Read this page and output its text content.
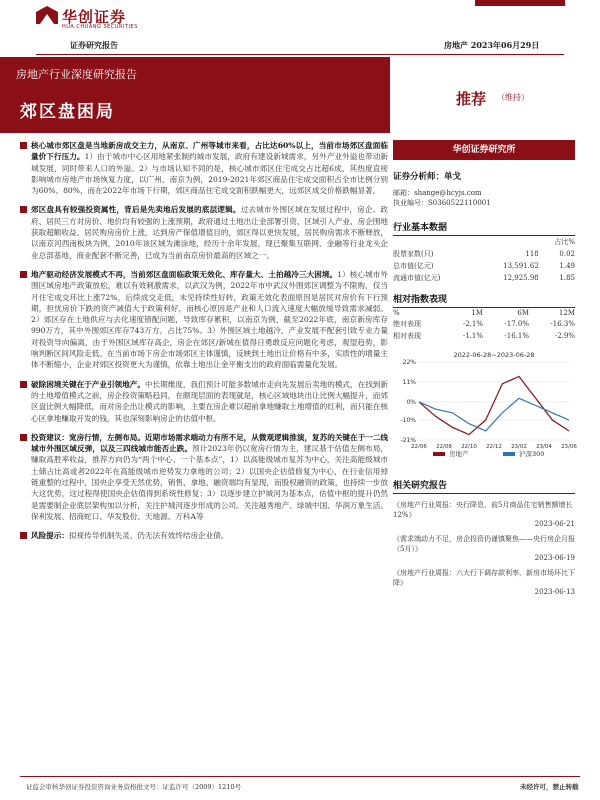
华创证券
HUA CHUANG SECURITIES
证券研究报告	房地产 2023年06月29日
房地产行业深度研究报告
郊区盘困局
推荐 （维持）
核心城市郊区盘是当地新房成交主力，从南京、广州等城市来看，占比达60%以上，当前市场郊区盘面临量价下行压力。1）由于城市中心区用地紧张制约城市发展，政府有建设新城需求，另外产业外溢也带动新城发展，同时带来人口的外溢。2）与市场认知不同的是，核心城市郊区住宅成交占比超6成，其热度直接影响城市房地产市场恢复力度，以广州、南京为例，2019-2021年郊区商品住宅成交面积占全市比例分别为60%、80%，而在2022年市场下行期，郊区商品住宅成交面积跌幅更大，远郊区成交价格跌幅显著。
郊区盘具有较强投资属性，背后是先卖地后发展的底层逻辑。过去城市外围区域在发展过程中，房企、政府、居民三方对房价、地价均有较强的上涨预期，政府通过土地出让金部署引资、区域引入产业、房企围地获取超额收益、居民购房房价上涨，达到房产保值增值目的，郊区得以更快发展，居民购房需求不断释放，以南京河西南板块为例，2010年该区域为滩涂地，经历十余年发展，现已聚集互联网、金融等行业龙头企业总部基地，商业配套不断完善，已成为当前南京房价最高的区域之一。
地产驱动经济发展模式不再，当前郊区盘面临政策无效化、库存量大、土拍越冷三大困境。1）核心城市外围区域房地产政策放松，难以有效刺激需求，以武汉为例，2022年市中武汉外围郊区调整为不限购，仅当月住宅成交环比上涨72%，后续成交走低，未见持续性好转，政策无效化表面原因是居民对房价有下行预期，担忧房价下跌的资产减值大于政策利好，而核心原因是产业和人口流入速度大幅放缓导致需求减弱。2）郊区存在土地供应与去化速度错配问题，导致库存累积，以南京为例，截至2022年底，南京新房库存990万方，其中外围郊区库存743万方，占比75%。3）外围区域土地越冷，产业发展不配套引致专业力量对投资导向偏离，由于外围区域库存高企，房企在郊区/新城在值得日勇敢反应问题化考虑，观望趋势，影响判断区间风险走低。在当前市场下房企市场郊区主体谨慎，反映到土地出让价格有中多，实质性的增量主体不断缩小，企业对郊区投资更大为谨慎，依靠土地出让金平衡支出的政府面临需量化发展。
破除困境关键在于产业引领地产。中长期维度，我们预计可能多数城市走向先发展后卖地的模式，在找到新的土地增值模式之前，房企投资策略趋同，在颇现层面的表现就是，核心区域地块出让比例大幅提升，而郊区盘比例大幅降低，而对房企出让模式的影响，主要在房企难以超前拿地赚取土地增值的红利，而只能在核心区拿地赚取开发的钱，其也深刻影响房企的估值中枢。
投资建议：宽房行情，左侧布局。近期市场需求端动力有所不足，从微观逻辑推演，复苏的关键在于一二线城市外围区域反弹，以及三四线城市能否止跌。预计2023年仍以宽房行情为主，建议基于估值左侧布局，赚取高胜率收益，推荐方向仍为“两个中心、一个基本点”，1）以高能级城市复苏为中心，关注高能级城市土储占比高或者2022年在高能级城市逆势发力拿地的公司；2）以国央企估值修复为中心，在行业信用掉链重整的过程中，国央企享受天然优势，销售、拿地、融资端均有显现，而股权融资的政策，也持续一步放大这优势，这过程得使国央企估值得到系统性修复；3）以逐步建立护城河为基本点，估值中枢的提升仍然是需要制企业底层架构加以分析，关注护城河逐步形成的公司。关注越秀地产、绿城中国、华润万象生活、保利发展、招商蛇口、华发股份、天地源、万科A等
风险提示：拟视传导机制失灵、仍无法有效终结房企业债。
华创证券研究所
证券分析师：单戈
邮箱：shange@hcyjs.com
执业编号：S0360522110001
行业基本数据
		占比%
股票家数(只)	118	0.02
总市值(亿元)	13,591.62	1.49
流通市值(亿元)	12,925.98	1.85
相对指数表现
%	1M	6M	12M
绝对表现	-2.1%	-17.0%	-16.3%
相对表现	-1.1%	-16.1%	-2.9%
2022-06-28~2023-06-28
22%
11%
0%
-10%
-21%
22/06 22/08 22/10 22/12 23/02 23/04 23/06
房地产	沪深300
相关研究报告
《房地产行业周报：央行降息，前5月商品住宅销售额增长12%》
2023-06-21
《需求端动力不足，房企投资仍谨慎聚焦——央行房企月报（5月）》
2023-06-19
《房地产行业周报：六大行下调存款利率，新房市场环比下降》
2023-06-13
证监会审核华创证券投资咨询业务资格批文号：证监许可（2009）1210号	未经许可，禁止转载
